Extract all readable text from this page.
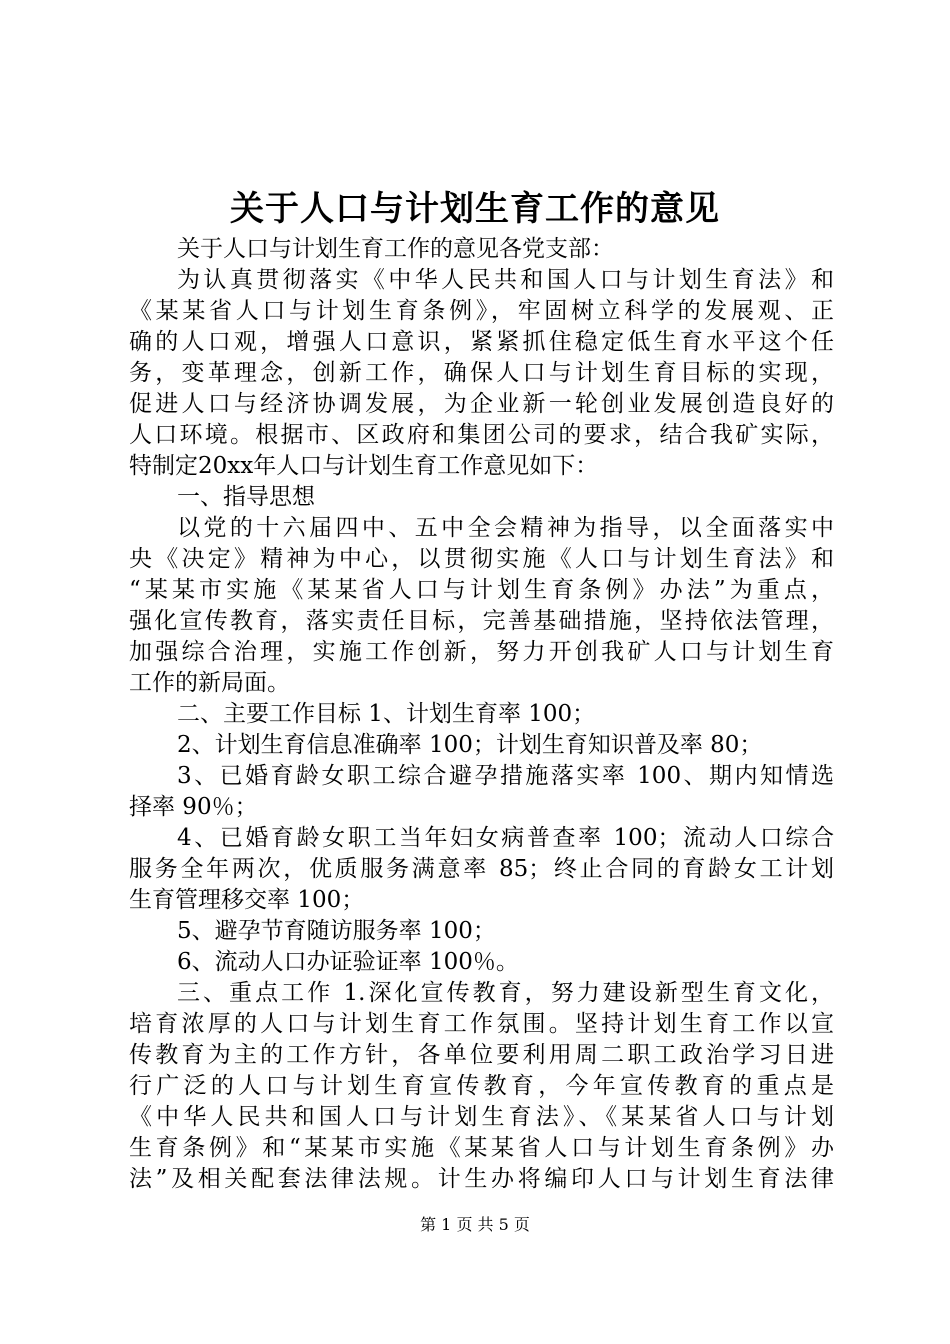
关于人口与计划生育工作的意见
关于人口与计划生育工作的意见各党支部：
为认真贯彻落实《中华人民共和国人口与计划生育法》和
《某某省人口与计划生育条例》，牢固树立科学的发展观、正
确的人口观，增强人口意识，紧紧抓住稳定低生育水平这个任
务，变革理念，创新工作，确保人口与计划生育目标的实现，
促进人口与经济协调发展，为企业新一轮创业发展创造良好的
人口环境。根据市、区政府和集团公司的要求，结合我矿实际，
特制定20xx年人口与计划生育工作意见如下：
一、指导思想
以党的十六届四中、五中全会精神为指导，以全面落实中
央《决定》精神为中心，以贯彻实施《人口与计划生育法》和
“某某市实施《某某省人口与计划生育条例》办法”为重点，
强化宣传教育，落实责任目标，完善基础措施，坚持依法管理，
加强综合治理，实施工作创新，努力开创我矿人口与计划生育
工作的新局面。
二、主要工作目标 1、计划生育率 100；
2、计划生育信息准确率 100；计划生育知识普及率 80；
3、已婚育龄女职工综合避孕措施落实率 100、期内知情选
择率 90％；
4、已婚育龄女职工当年妇女病普查率 100；流动人口综合
服务全年两次，优质服务满意率 85；终止合同的育龄女工计划
生育管理移交率 100；
5、避孕节育随访服务率 100；
6、流动人口办证验证率 100％。
三、重点工作 1.深化宣传教育，努力建设新型生育文化，
培育浓厚的人口与计划生育工作氛围。坚持计划生育工作以宣
传教育为主的工作方针，各单位要利用周二职工政治学习日进
行广泛的人口与计划生育宣传教育，今年宣传教育的重点是
《中华人民共和国人口与计划生育法》、《某某省人口与计划
生育条例》和“某某市实施《某某省人口与计划生育条例》办
法”及相关配套法律法规。计生办将编印人口与计划生育法律
第 1 页 共 5 页
